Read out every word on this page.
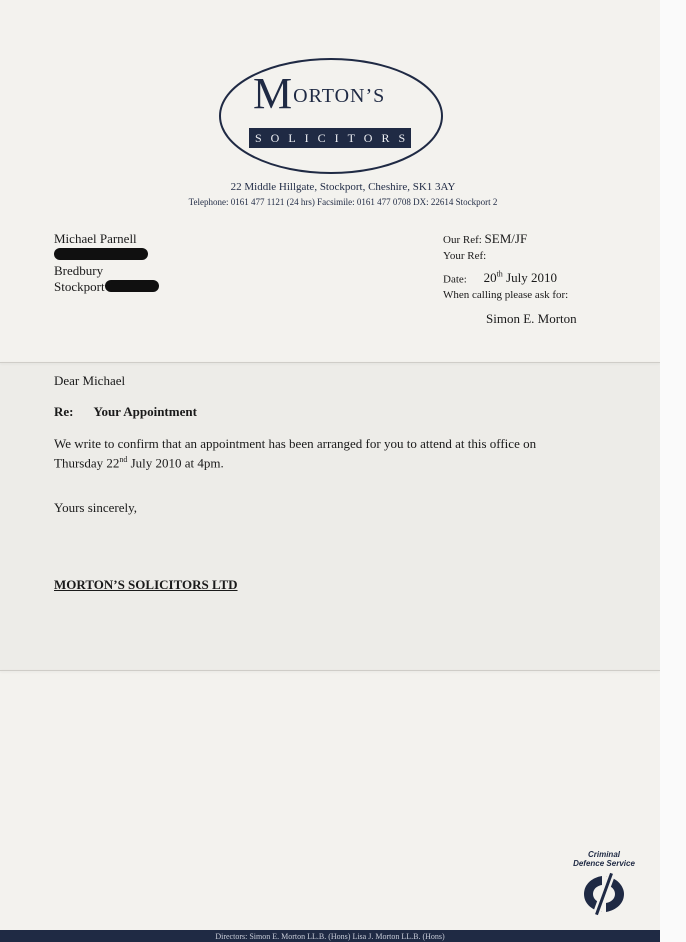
MORTON’S
SOLICITORS
22 Middle Hillgate, Stockport, Cheshire, SK1 3AY
Telephone: 0161 477 1121 (24 hrs) Facsimile: 0161 477 0708 DX: 22614 Stockport 2
Michael Parnell
Bredbury
Stockport
Our Ref: SEM/JF
Your Ref:
Date: 20th July 2010
When calling please ask for:
Simon E. Morton
Dear Michael
Re: Your Appointment
We write to confirm that an appointment has been arranged for you to attend at this office on Thursday 22nd July 2010 at 4pm.
Yours sincerely,
MORTON’S SOLICITORS LTD
Criminal
Defence Service
Directors: Simon E. Morton LL.B. (Hons) Lisa J. Morton LL.B. (Hons)
